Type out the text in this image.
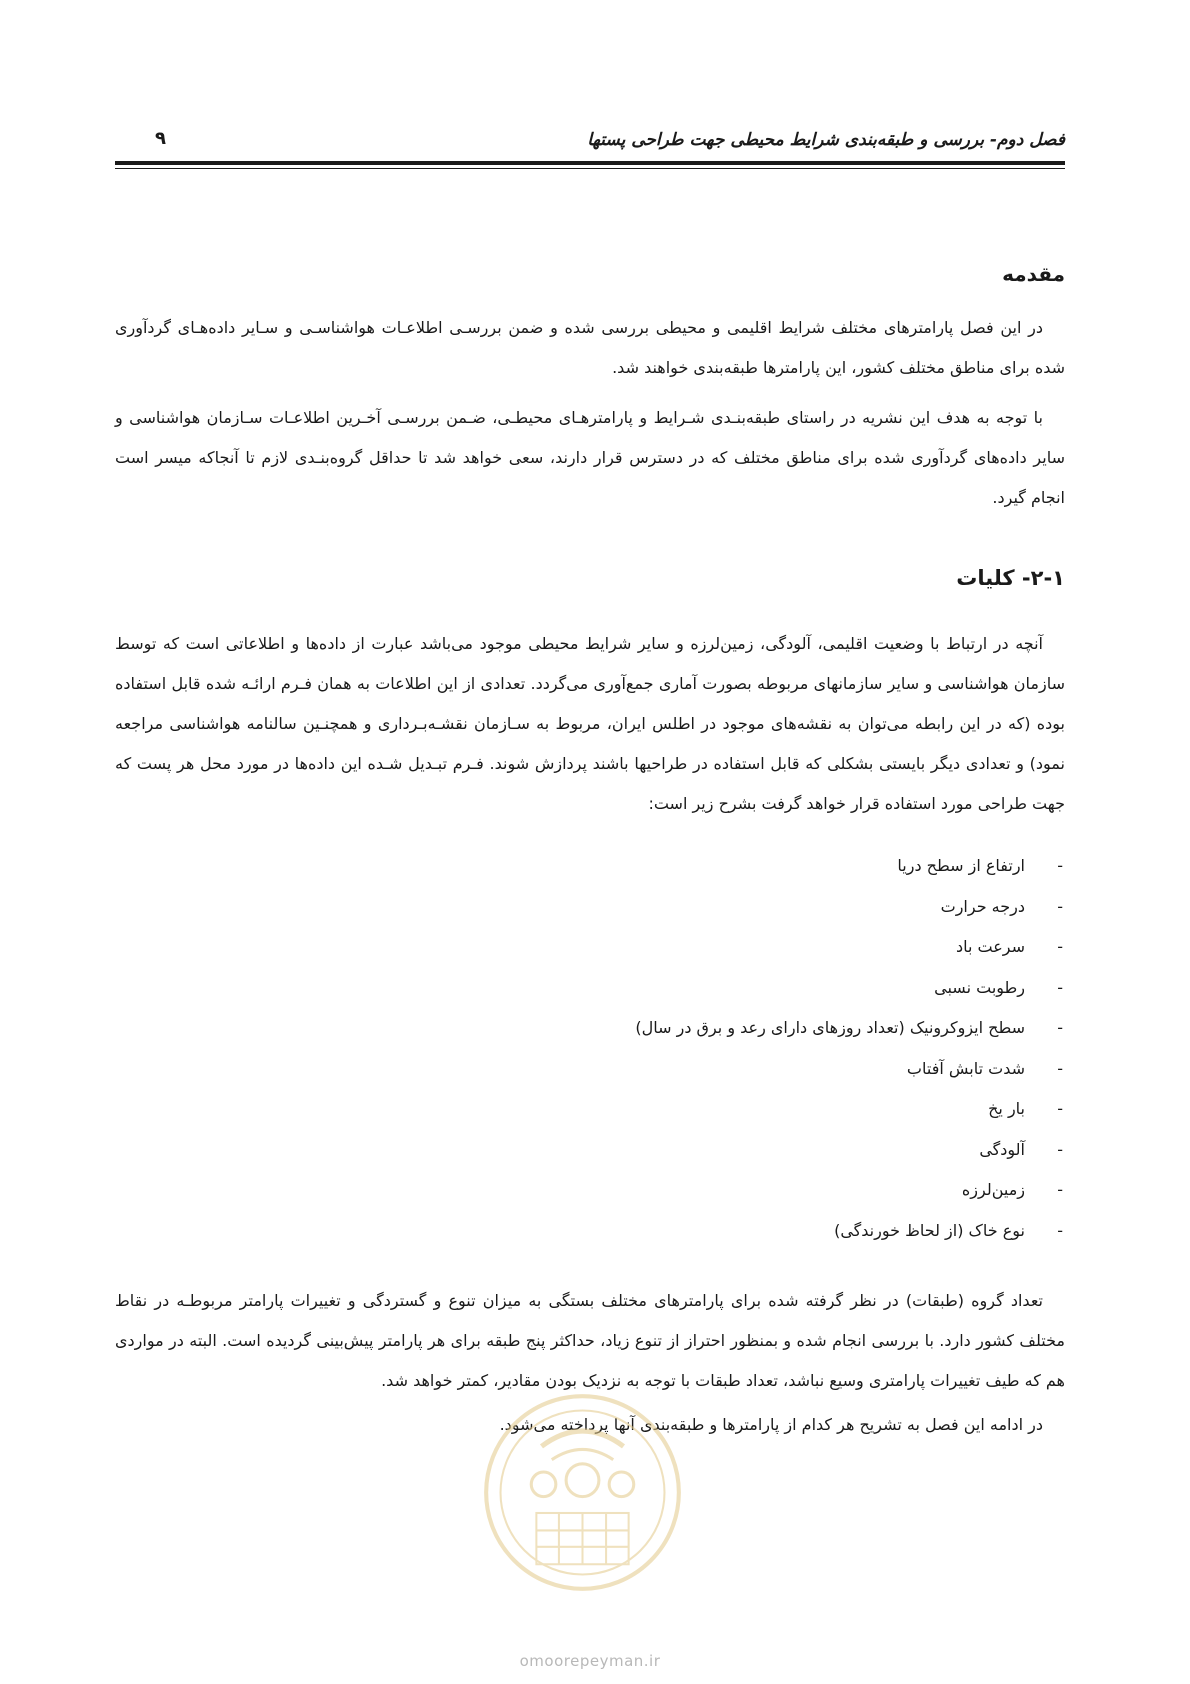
فصل دوم- بررسی و طبقه‌بندی شرایط محیطی جهت طراحی پستها
۹
مقدمه

در این فصل پارامترهای مختلف شرایط اقلیمی و محیطی بررسی شده و ضمن بررسـی اطلاعـات هواشناسـی و سـایر داده‌هـای گردآوری شده برای مناطق مختلف کشور، این پارامترها طبقه‌بندی خواهند شد.

با توجه به هدف این نشریه در راستای طبقه‌بنـدی شـرایط و پارامترهـای محیطـی، ضـمن بررسـی آخـرین اطلاعـات سـازمان هواشناسی و سایر داده‌های گردآوری شده برای مناطق مختلف که در دسترس قرار دارند، سعی خواهد شد تا حداقل گروه‌بنـدی لازم تا آنجاکه میسر است انجام گیرد.

۲-۱- کلیات

آنچه در ارتباط با وضعیت اقلیمی، آلودگی، زمین‌لرزه و سایر شرایط محیطی موجود می‌باشد عبارت از داده‌ها و اطلاعاتی است که توسط سازمان هواشناسی و سایر سازمانهای مربوطه بصورت آماری جمع‌آوری می‌گردد. تعدادی از این اطلاعات به همان فـرم ارائـه شده قابل استفاده بوده (که در این رابطه می‌توان به نقشه‌های موجود در اطلس ایران، مربوط به سـازمان نقشـه‌بـرداری و همچنـین سالنامه هواشناسی مراجعه نمود) و تعدادی دیگر بایستی بشکلی که قابل استفاده در طراحیها باشند پردازش شوند. فـرم تبـدیل شـده این داده‌ها در مورد محل هر پست که جهت طراحی مورد استفاده قرار خواهد گرفت بشرح زیر است:

- ارتفاع از سطح دریا
- درجه حرارت
- سرعت باد
- رطوبت نسبی
- سطح ایزوکرونیک (تعداد روزهای دارای رعد و برق در سال)
- شدت تابش آفتاب
- بار یخ
- آلودگی
- زمین‌لرزه
- نوع خاک (از لحاظ خورندگی)

تعداد گروه (طبقات) در نظر گرفته شده برای پارامترهای مختلف بستگی به میزان تنوع و گستردگی و تغییرات پارامتر مربوطـه در نقاط مختلف کشور دارد. با بررسی انجام شده و بمنظور احتراز از تنوع زیاد، حداکثر پنج طبقه برای هر پارامتر پیش‌بینی گردیده است. البته در مواردی هم که طیف تغییرات پارامتری وسیع نباشد، تعداد طبقات با توجه به نزدیک بودن مقادیر، کمتر خواهد شد.

در ادامه این فصل به تشریح هر کدام از پارامترها و طبقه‌بندی آنها پرداخته می‌شود.

omoorepeyman.ir
